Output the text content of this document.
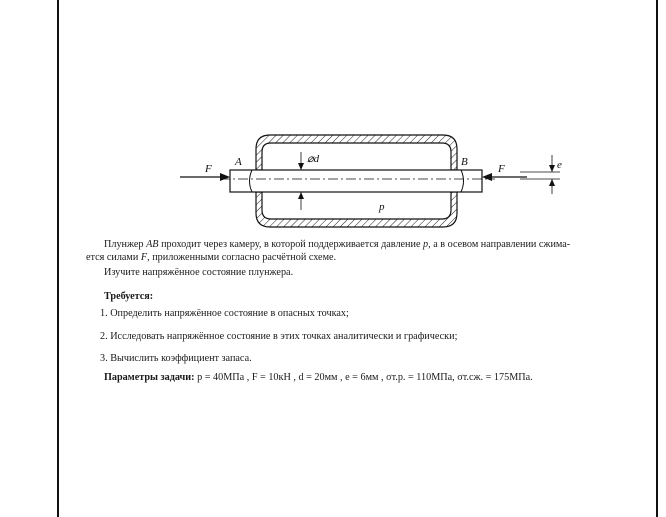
A	B
F	F
⌀d
p
e
Плунжер AB проходит через камеру, в которой поддерживается давление p, а в осевом направлении сжима-
ется силами F, приложенными согласно расчётной схеме.
Изучите напряжённое состояние плунжера.
Требуется:
1. Определить напряжённое состояние в опасных точках;
2. Исследовать напряжённое состояние в этих точках аналитически и графически;
3. Вычислить коэффициент запаса.
Параметры задачи: p = 40МПа , F = 10кН , d = 20мм , e = 6мм , σт.р. = 110МПа, σт.сж. = 175МПа.
